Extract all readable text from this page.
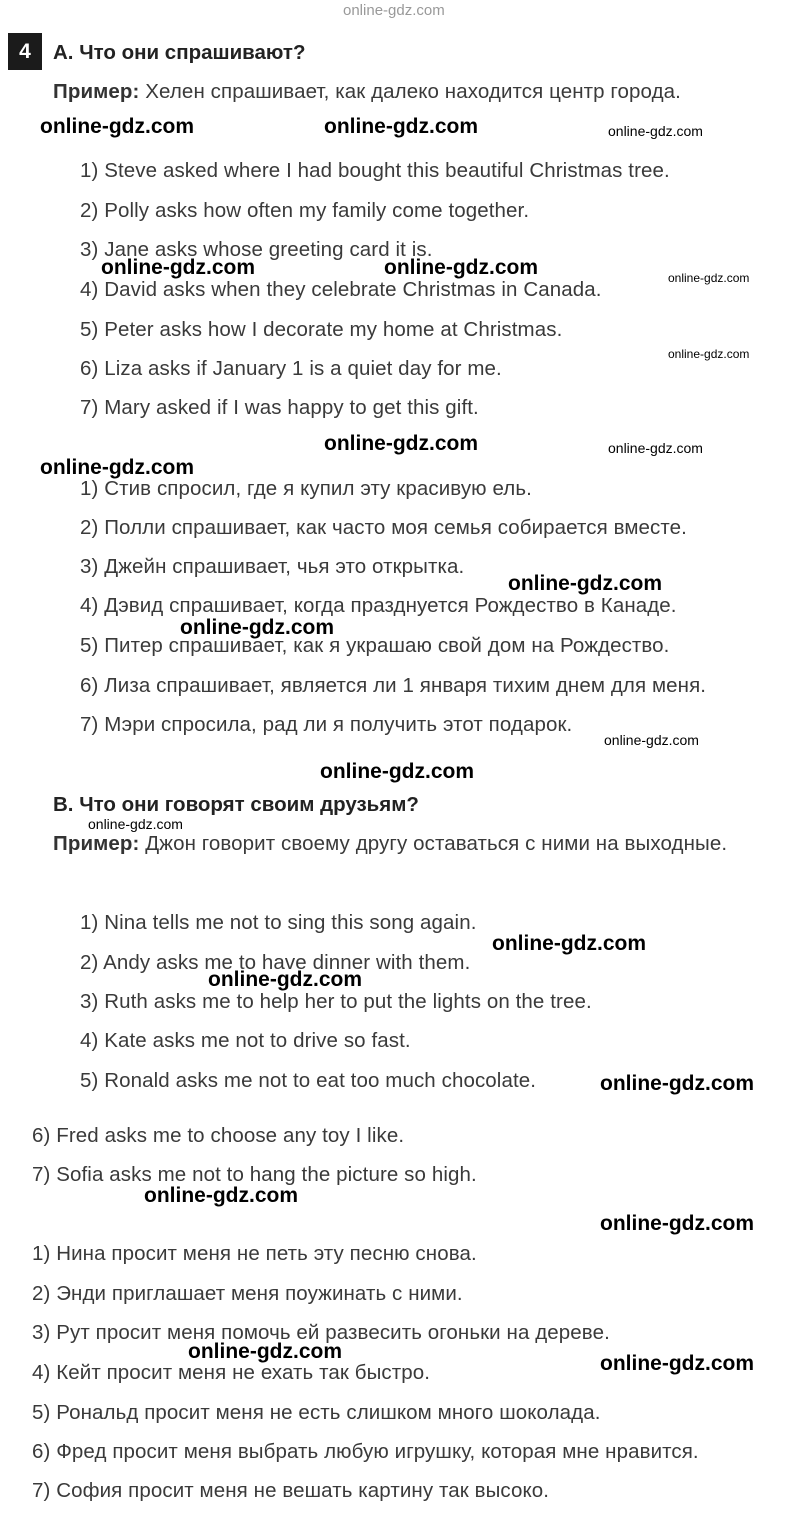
online-gdz.com
4	A. Что они спрашивают?
Пример: Хелен спрашивает, как далеко находится центр города.
1) Steve asked where I had bought this beautiful Christmas tree.
2) Polly asks how often my family come together.
3) Jane asks whose greeting card it is.
4) David asks when they celebrate Christmas in Canada.
5) Peter asks how I decorate my home at Christmas.
6) Liza asks if January 1 is a quiet day for me.
7) Mary asked if I was happy to get this gift.
1) Стив спросил, где я купил эту красивую ель.
2) Полли спрашивает, как часто моя семья собирается вместе.
3) Джейн спрашивает, чья это открытка.
4) Дэвид спрашивает, когда празднуется Рождество в Канаде.
5) Питер спрашивает, как я украшаю свой дом на Рождество.
6) Лиза спрашивает, является ли 1 января тихим днем для меня.
7) Мэри спросила, рад ли я получить этот подарок.
B. Что они говорят своим друзьям?
Пример: Джон говорит своему другу оставаться с ними на выходные.
1) Nina tells me not to sing this song again.
2) Andy asks me to have dinner with them.
3) Ruth asks me to help her to put the lights on the tree.
4) Kate asks me not to drive so fast.
5) Ronald asks me not to eat too much chocolate.
6) Fred asks me to choose any toy I like.
7) Sofia asks me not to hang the picture so high.
1) Нина просит меня не петь эту песню снова.
2) Энди приглашает меня поужинать с ними.
3) Рут просит меня помочь ей развесить огоньки на дереве.
4) Кейт просит меня не ехать так быстро.
5) Рональд просит меня не есть слишком много шоколада.
6) Фред просит меня выбрать любую игрушку, которая мне нравится.
7) София просит меня не вешать картину так высоко.
online-gdz.com	online-gdz.com	online-gdz.com
online-gdz.com	online-gdz.com	online-gdz.com
online-gdz.com
online-gdz.com	online-gdz.com
online-gdz.com
online-gdz.com
online-gdz.com
online-gdz.com
online-gdz.com
online-gdz.com
online-gdz.com
online-gdz.com
online-gdz.com
online-gdz.com
online-gdz.com
online-gdz.com
online-gdz.com
